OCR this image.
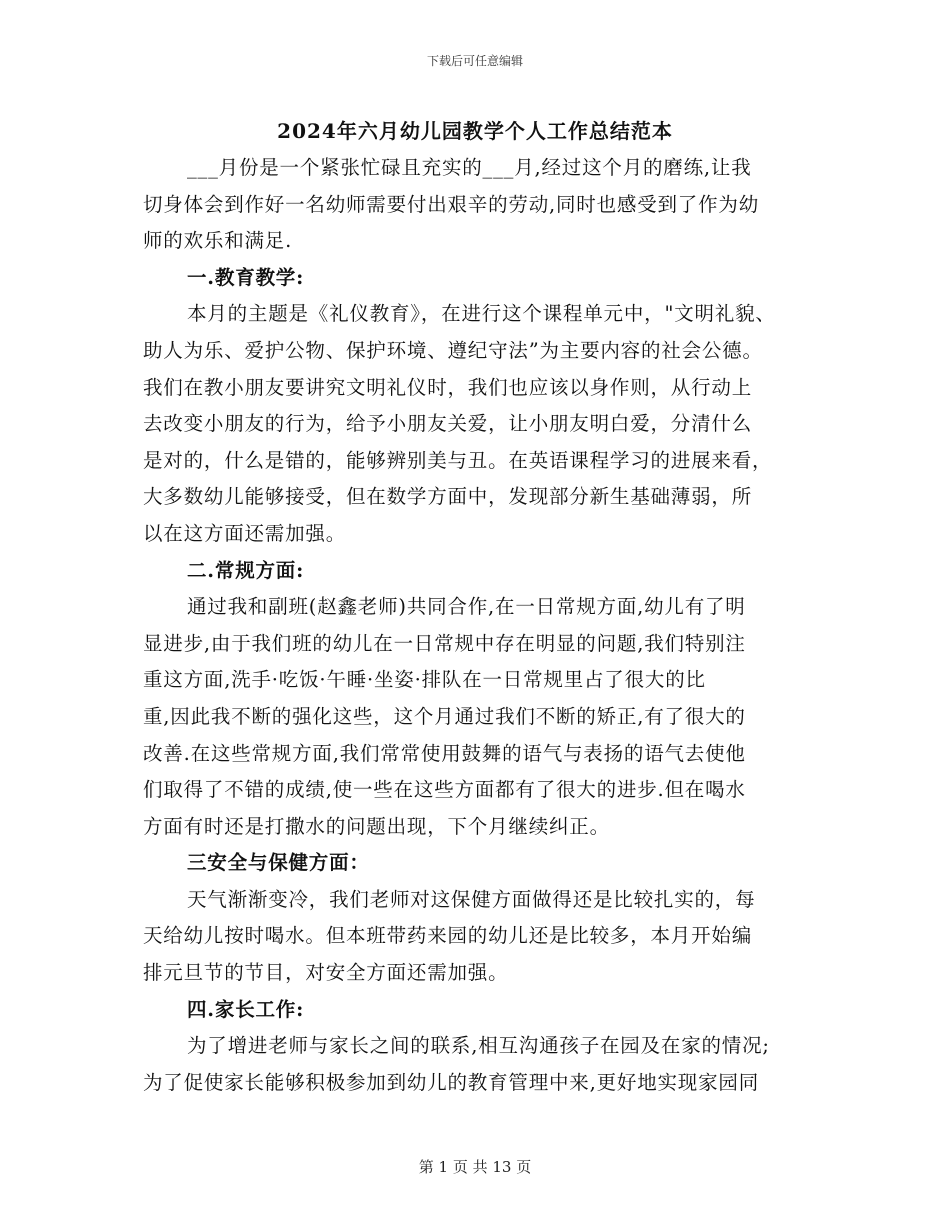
下载后可任意编辑
2024年六月幼儿园教学个人工作总结范本
___月份是一个紧张忙碌且充实的___月,经过这个月的磨练,让我
切身体会到作好一名幼师需要付出艰辛的劳动,同时也感受到了作为幼
师的欢乐和满足.
一.教育教学:
本月的主题是《礼仪教育》，在进行这个课程单元中，"文明礼貌、
助人为乐、爱护公物、保护环境、遵纪守法”为主要内容的社会公德。
我们在教小朋友要讲究文明礼仪时，我们也应该以身作则，从行动上
去改变小朋友的行为，给予小朋友关爱，让小朋友明白爱，分清什么
是对的，什么是错的，能够辨别美与丑。在英语课程学习的进展来看，
大多数幼儿能够接受，但在数学方面中，发现部分新生基础薄弱，所
以在这方面还需加强。
二.常规方面:
通过我和副班(赵鑫老师)共同合作,在一日常规方面,幼儿有了明
显进步,由于我们班的幼儿在一日常规中存在明显的问题,我们特别注
重这方面,洗手·吃饭·午睡·坐姿·排队在一日常规里占了很大的比
重,因此我不断的强化这些，这个月通过我们不断的矫正,有了很大的
改善.在这些常规方面,我们常常使用鼓舞的语气与表扬的语气去使他
们取得了不错的成绩,使一些在这些方面都有了很大的进步.但在喝水
方面有时还是打撒水的问题出现，下个月继续纠正。
三安全与保健方面：
天气渐渐变冷，我们老师对这保健方面做得还是比较扎实的，每
天给幼儿按时喝水。但本班带药来园的幼儿还是比较多，本月开始编
排元旦节的节目，对安全方面还需加强。
四.家长工作:
为了增进老师与家长之间的联系,相互沟通孩子在园及在家的情况;
为了促使家长能够积极参加到幼儿的教育管理中来,更好地实现家园同
第 1 页 共 13 页
